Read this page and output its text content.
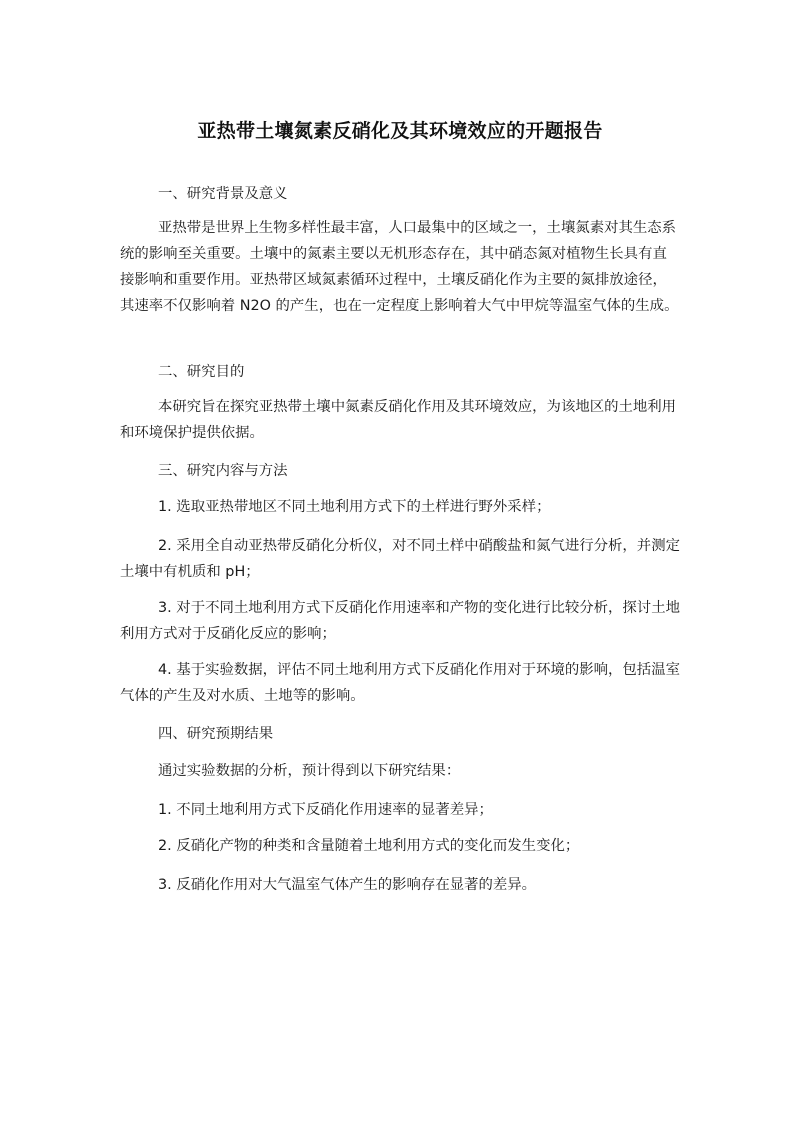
亚热带土壤氮素反硝化及其环境效应的开题报告

一、研究背景及意义

亚热带是世界上生物多样性最丰富，人口最集中的区域之一，土壤氮素对其生态系统的影响至关重要。土壤中的氮素主要以无机形态存在，其中硝态氮对植物生长具有直接影响和重要作用。亚热带区域氮素循环过程中，土壤反硝化作为主要的氮排放途径，其速率不仅影响着 N2O 的产生，也在一定程度上影响着大气中甲烷等温室气体的生成。

二、研究目的

本研究旨在探究亚热带土壤中氮素反硝化作用及其环境效应，为该地区的土地利用和环境保护提供依据。

三、研究内容与方法

1. 选取亚热带地区不同土地利用方式下的土样进行野外采样；

2. 采用全自动亚热带反硝化分析仪，对不同土样中硝酸盐和氮气进行分析，并测定土壤中有机质和 pH；

3. 对于不同土地利用方式下反硝化作用速率和产物的变化进行比较分析，探讨土地利用方式对于反硝化反应的影响；

4. 基于实验数据，评估不同土地利用方式下反硝化作用对于环境的影响，包括温室气体的产生及对水质、土地等的影响。

四、研究预期结果

通过实验数据的分析，预计得到以下研究结果：

1. 不同土地利用方式下反硝化作用速率的显著差异；

2. 反硝化产物的种类和含量随着土地利用方式的变化而发生变化；

3. 反硝化作用对大气温室气体产生的影响存在显著的差异。
